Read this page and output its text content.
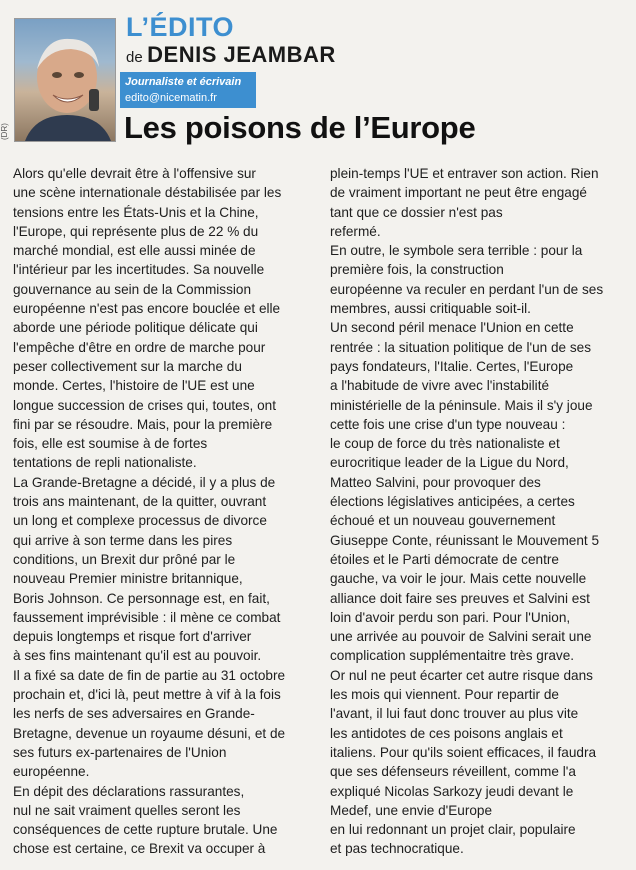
(DR)
L’ÉDITO
de DENIS JEAMBAR
Journaliste et écrivain
edito@nicematin.fr
Les poisons de l’Europe
Alors qu'elle devrait être à l'offensive sur
une scène internationale déstabilisée par les
tensions entre les États-Unis et la Chine,
l'Europe, qui représente plus de 22 % du
marché mondial, est elle aussi minée de
l'intérieur par les incertitudes. Sa nouvelle
gouvernance au sein de la Commission
européenne n'est pas encore bouclée et elle
aborde une période politique délicate qui
l'empêche d'être en ordre de marche pour
peser collectivement sur la marche du
monde. Certes, l'histoire de l'UE est une
longue succession de crises qui, toutes, ont
fini par se résoudre. Mais, pour la première
fois, elle est soumise à de fortes
tentations de repli nationaliste.
La Grande-Bretagne a décidé, il y a plus de
trois ans maintenant, de la quitter, ouvrant
un long et complexe processus de divorce
qui arrive à son terme dans les pires
conditions, un Brexit dur prôné par le
nouveau Premier ministre britannique,
Boris Johnson. Ce personnage est, en fait,
faussement imprévisible : il mène ce combat
depuis longtemps et risque fort d'arriver
à ses fins maintenant qu'il est au pouvoir.
Il a fixé sa date de fin de partie au 31 octobre
prochain et, d'ici là, peut mettre à vif à la fois
les nerfs de ses adversaires en Grande-
Bretagne, devenue un royaume désuni, et de
ses futurs ex-partenaires de l'Union
européenne.
En dépit des déclarations rassurantes,
nul ne sait vraiment quelles seront les
conséquences de cette rupture brutale. Une
chose est certaine, ce Brexit va occuper à
plein-temps l'UE et entraver son action. Rien
de vraiment important ne peut être engagé
tant que ce dossier n'est pas
referm​é.
En outre, le symbole sera terrible : pour la
première fois, la construction
européenne va reculer en perdant l'un de ses
membres, aussi critiquable soit-il.
Un second péril menace l'Union en cette
rentrée : la situation politique de l'un de ses
pays fondateurs, l'Italie. Certes, l'Europe
a l'habitude de vivre avec l'instabilité
ministérielle de la péninsule. Mais il s'y joue
cette fois une crise d'un type nouveau :
le coup de force du très nationaliste et
eurocritique leader de la Ligue du Nord,
Matteo Salvini, pour provoquer des
élections législatives anticipées, a certes
échoué et un nouveau gouvernement
Giuseppe Conte, réunissant le Mouvement 5
étoiles et le Parti démocrate de centre
gauche, va voir le jour. Mais cette nouvelle
alliance doit faire ses preuves et Salvini est
loin d'avoir perdu son pari. Pour l'Union,
une arrivée au pouvoir de Salvini serait une
complication supplémentaitre très grave.
Or nul ne peut écarter cet autre risque dans
les mois qui viennent. Pour repartir de
l'avant, il lui faut donc trouver au plus vite
les antidotes de ces poisons anglais et
italiens. Pour qu'ils soient efficaces, il faudra
que ses défenseurs réveillent, comme l'a
expliqué Nicolas Sarkozy jeudi devant le
Medef, une envie d'Europe
en lui redonnant un projet clair, populaire
et pas technocratique.
